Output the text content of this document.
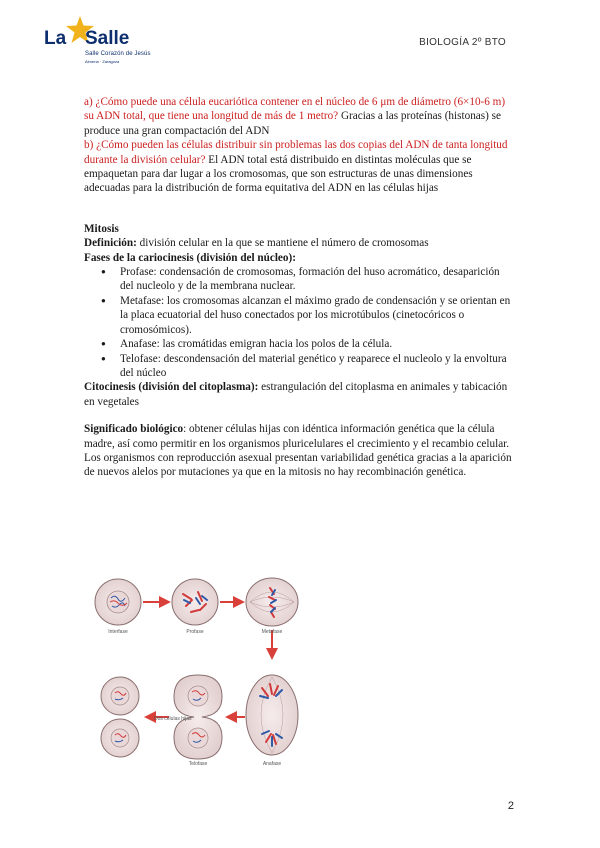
La Salle
Salle Corazón de Jesús
Almería · Zaragoza
BIOLOGÍA 2º BTO

a) ¿Cómo puede una célula eucariótica contener en el núcleo de 6 μm de diámetro (6×10-6 m) su ADN total, que tiene una longitud de más de 1 metro? Gracias a las proteínas (histonas) se produce una gran compactación del ADN

b) ¿Cómo pueden las células distribuir sin problemas las dos copias del ADN de tanta longitud durante la división celular? El ADN total está distribuido en distintas moléculas que se empaquetan para dar lugar a los cromosomas, que son estructuras de unas dimensiones adecuadas para la distribución de forma equitativa del ADN en las células hijas

Mitosis

Definición: división celular en la que se mantiene el número de cromosomas

Fases de la cariocinesis (división del núcleo):

● Profase: condensación de cromosomas, formación del huso acromático, desaparición del nucleolo y de la membrana nuclear.
● Metafase: los cromosomas alcanzan el máximo grado de condensación y se orientan en la placa ecuatorial del huso conectados por los microtúbulos (cinetocóricos o cromosómicos).
● Anafase: las cromátidas emigran hacia los polos de la célula.
● Telofase: descondensación del material genético y reaparece el nucleolo y la envoltura del núcleo

Citocinesis (división del citoplasma): estrangulación del citoplasma en animales y tabicación en vegetales

Significado biológico: obtener células hijas con idéntica información genética que la célula madre, así como permitir en los organismos pluricelulares el crecimiento y el recambio celular. Los organismos con reproducción asexual presentan variabilidad genética gracias a la aparición de nuevos alelos por mutaciones ya que en la mitosis no hay recombinación genética.

Interfase	Profase	Metafase
Anafase
Telofase
Dos células hijas
2
